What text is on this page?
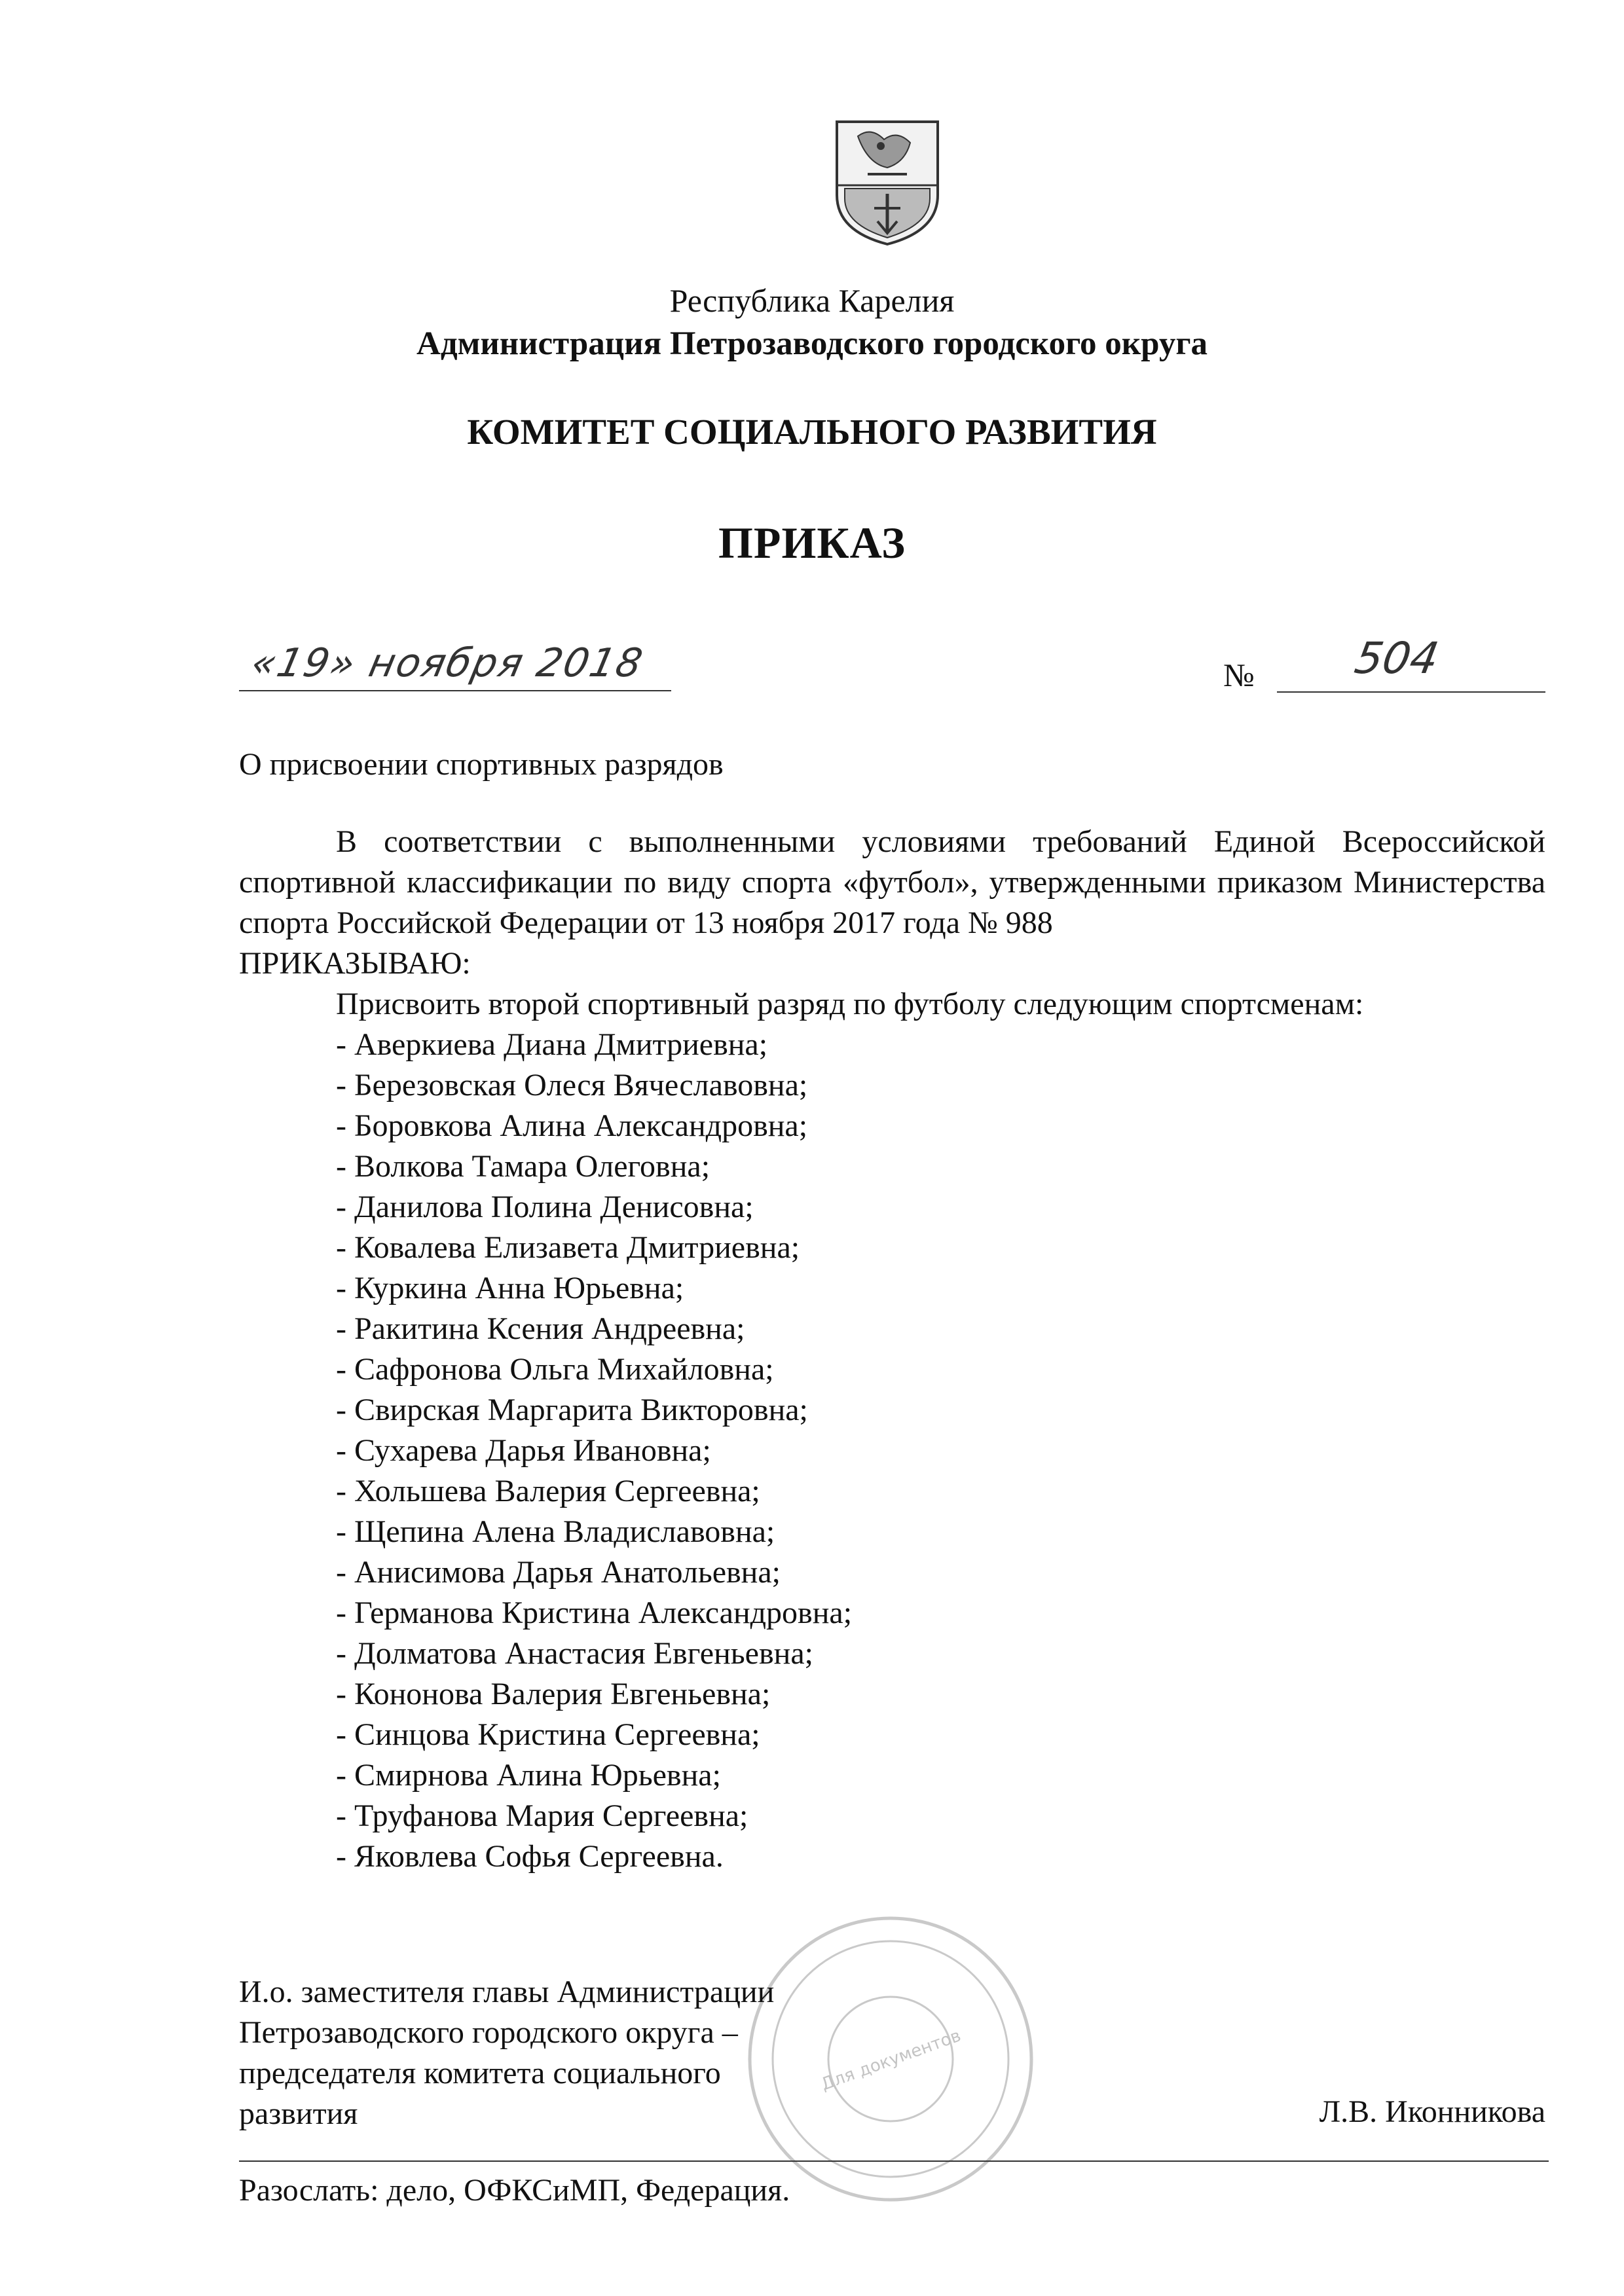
Республика Карелия
Администрация Петрозаводского городского округа
КОМИТЕТ СОЦИАЛЬНОГО РАЗВИТИЯ
ПРИКАЗ
«19» ноября 2018	№ 504
О присвоении спортивных разрядов

В соответствии с выполненными условиями требований Единой Всероссийской спортивной классификации по виду спорта «футбол», утвержденными приказом Министерства спорта Российской Федерации от 13 ноября 2017 года № 988

ПРИКАЗЫВАЮ:

Присвоить второй спортивный разряд по футболу следующим спортсменам:

- Аверкиева Диана Дмитриевна;
- Березовская Олеся Вячеславовна;
- Боровкова Алина Александровна;
- Волкова Тамара Олеговна;
- Данилова Полина Денисовна;
- Ковалева Елизавета Дмитриевна;
- Куркина Анна Юрьевна;
- Ракитина Ксения Андреевна;
- Сафронова Ольга Михайловна;
- Свирская Маргарита Викторовна;
- Сухарева Дарья Ивановна;
- Хольшева Валерия Сергеевна;
- Щепина Алена Владиславовна;
- Анисимова Дарья Анатольевна;
- Германова Кристина Александровна;
- Долматова Анастасия Евгеньевна;
- Кононова Валерия Евгеньевна;
- Синцова Кристина Сергеевна;
- Смирнова Алина Юрьевна;
- Труфанова Мария Сергеевна;
- Яковлева Софья Сергеевна.
Для документов
И.о. заместителя главы Администрации
Петрозаводского городского округа –
председателя комитета социального
развития	Л.В. Иконникова
Разослать: дело, ОФКСиМП, Федерация.
